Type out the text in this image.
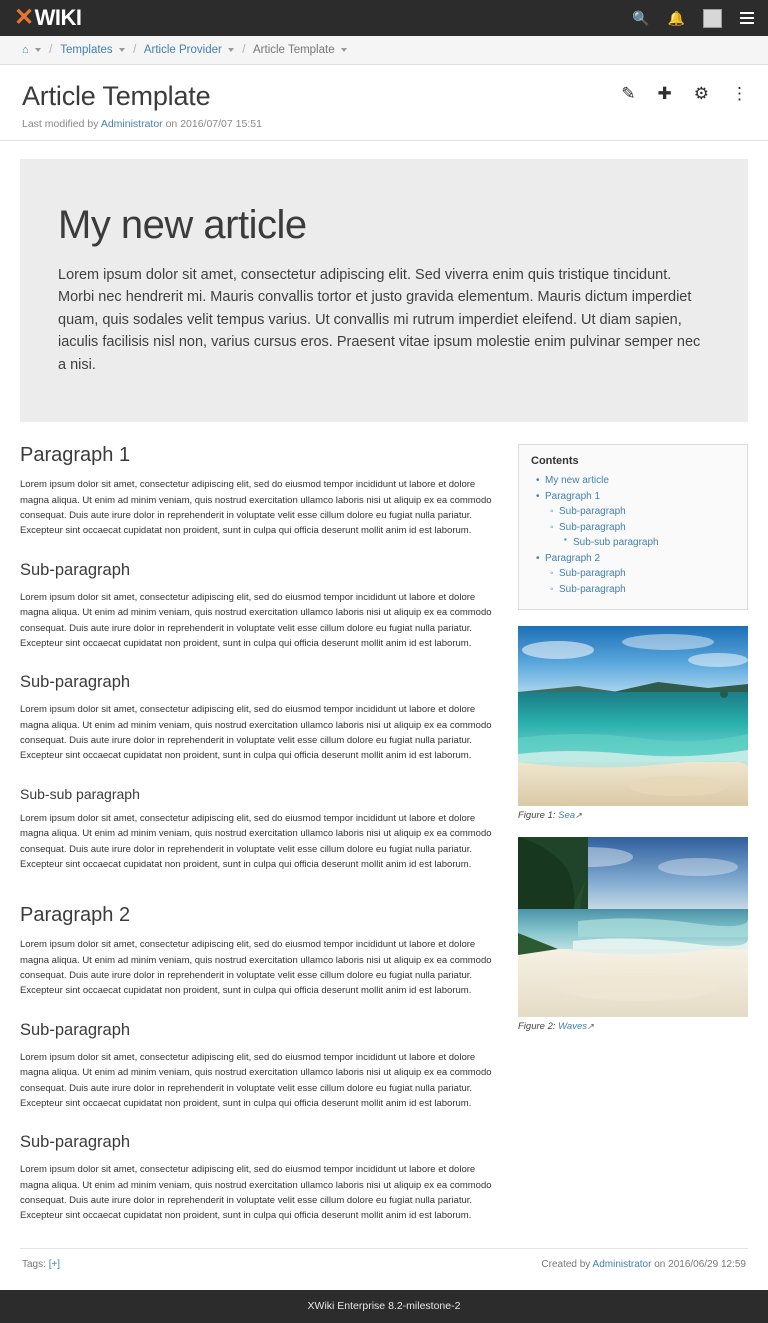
✕ WIKI	🔍 🔔
⌂ / Templates / Article Provider / Article Template
Article Template
Last modified by Administrator on 2016/07/07 15:51
✎ ✚ ⚙ ⋮
My new article

Lorem ipsum dolor sit amet, consectetur adipiscing elit. Sed viverra enim quis tristique tincidunt. Morbi nec hendrerit mi. Mauris convallis tortor et justo gravida elementum. Mauris dictum imperdiet quam, quis sodales velit tempus varius. Ut convallis mi rutrum imperdiet eleifend. Ut diam sapien, iaculis facilisis nisl non, varius cursus eros. Praesent vitae ipsum molestie enim pulvinar semper nec a nisi.

Paragraph 1

Lorem ipsum dolor sit amet, consectetur adipiscing elit, sed do eiusmod tempor incididunt ut labore et dolore magna aliqua. Ut enim ad minim veniam, quis nostrud exercitation ullamco laboris nisi ut aliquip ex ea commodo consequat. Duis aute irure dolor in reprehenderit in voluptate velit esse cillum dolore eu fugiat nulla pariatur. Excepteur sint occaecat cupidatat non proident, sunt in culpa qui officia deserunt mollit anim id est laborum.

Sub-paragraph

Lorem ipsum dolor sit amet, consectetur adipiscing elit, sed do eiusmod tempor incididunt ut labore et dolore magna aliqua. Ut enim ad minim veniam, quis nostrud exercitation ullamco laboris nisi ut aliquip ex ea commodo consequat. Duis aute irure dolor in reprehenderit in voluptate velit esse cillum dolore eu fugiat nulla pariatur. Excepteur sint occaecat cupidatat non proident, sunt in culpa qui officia deserunt mollit anim id est laborum.

Sub-paragraph

Lorem ipsum dolor sit amet, consectetur adipiscing elit, sed do eiusmod tempor incididunt ut labore et dolore magna aliqua. Ut enim ad minim veniam, quis nostrud exercitation ullamco laboris nisi ut aliquip ex ea commodo consequat. Duis aute irure dolor in reprehenderit in voluptate velit esse cillum dolore eu fugiat nulla pariatur. Excepteur sint occaecat cupidatat non proident, sunt in culpa qui officia deserunt mollit anim id est laborum.

Sub-sub paragraph

Lorem ipsum dolor sit amet, consectetur adipiscing elit, sed do eiusmod tempor incididunt ut labore et dolore magna aliqua. Ut enim ad minim veniam, quis nostrud exercitation ullamco laboris nisi ut aliquip ex ea commodo consequat. Duis aute irure dolor in reprehenderit in voluptate velit esse cillum dolore eu fugiat nulla pariatur. Excepteur sint occaecat cupidatat non proident, sunt in culpa qui officia deserunt mollit anim id est laborum.

Paragraph 2

Lorem ipsum dolor sit amet, consectetur adipiscing elit, sed do eiusmod tempor incididunt ut labore et dolore magna aliqua. Ut enim ad minim veniam, quis nostrud exercitation ullamco laboris nisi ut aliquip ex ea commodo consequat. Duis aute irure dolor in reprehenderit in voluptate velit esse cillum dolore eu fugiat nulla pariatur. Excepteur sint occaecat cupidatat non proident, sunt in culpa qui officia deserunt mollit anim id est laborum.

Sub-paragraph

Lorem ipsum dolor sit amet, consectetur adipiscing elit, sed do eiusmod tempor incididunt ut labore et dolore magna aliqua. Ut enim ad minim veniam, quis nostrud exercitation ullamco laboris nisi ut aliquip ex ea commodo consequat. Duis aute irure dolor in reprehenderit in voluptate velit esse cillum dolore eu fugiat nulla pariatur. Excepteur sint occaecat cupidatat non proident, sunt in culpa qui officia deserunt mollit anim id est laborum.

Sub-paragraph

Lorem ipsum dolor sit amet, consectetur adipiscing elit, sed do eiusmod tempor incididunt ut labore et dolore magna aliqua. Ut enim ad minim veniam, quis nostrud exercitation ullamco laboris nisi ut aliquip ex ea commodo consequat. Duis aute irure dolor in reprehenderit in voluptate velit esse cillum dolore eu fugiat nulla pariatur. Excepteur sint occaecat cupidatat non proident, sunt in culpa qui officia deserunt mollit anim id est laborum.

Contents
• My new article
• Paragraph 1
◦ Sub-paragraph
◦ Sub-paragraph
▪ Sub-sub paragraph
• Paragraph 2
◦ Sub-paragraph
◦ Sub-paragraph
Figure 1: Sea↗
Figure 2: Waves↗
Tags: [+]	Created by Administrator on 2016/06/29 12:59
XWiki Enterprise 8.2-milestone-2
